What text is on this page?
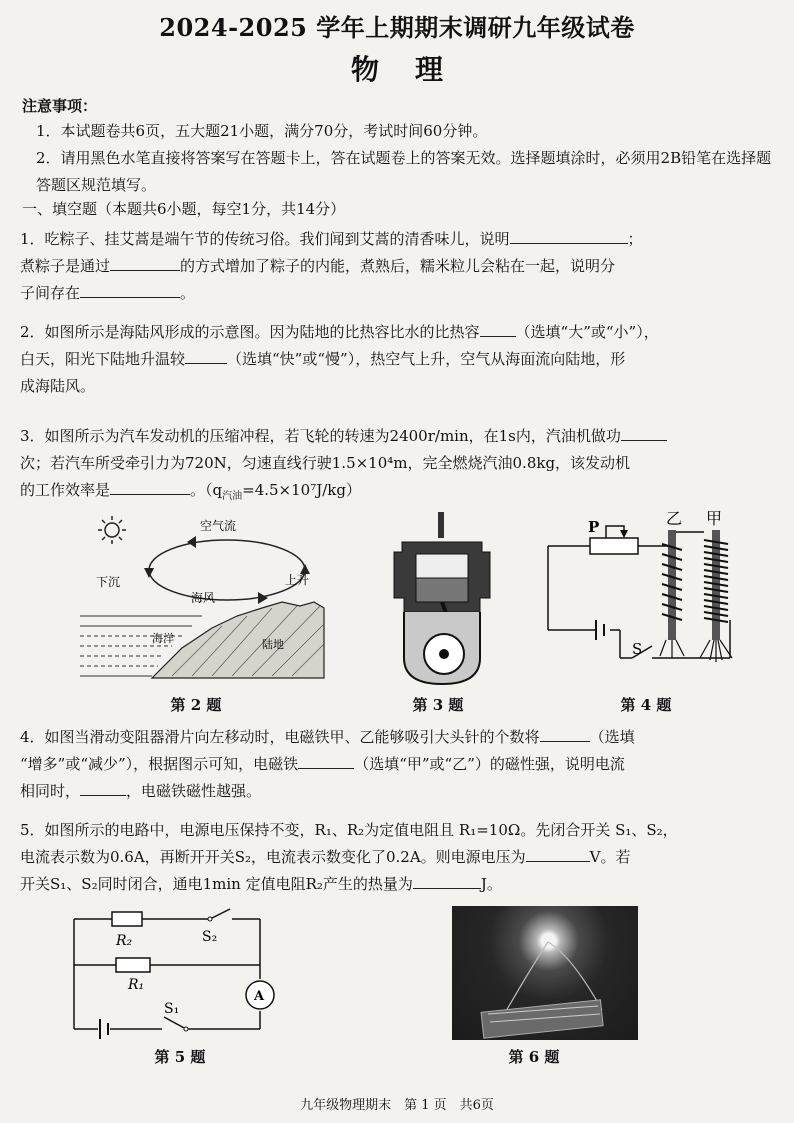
2024-2025 学年上期期末调研九年级试卷
物理
注意事项：
1．本试题卷共6页，五大题21小题，满分70分，考试时间60分钟。
2．请用黑色水笔直接将答案写在答题卡上，答在试题卷上的答案无效。选择题填涂时，必须用2B铅笔在选择题答题区规范填写。
一、填空题（本题共6小题，每空1分，共14分）
1．吃粽子、挂艾蒿是端午节的传统习俗。我们闻到艾蒿的清香味儿，说明	；
煮粽子是通过	的方式增加了粽子的内能，煮熟后，糯米粒儿会粘在一起，说明分
子间存在	。
2．如图所示是海陆风形成的示意图。因为陆地的比热容比水的比热容 （选填“大”或“小”），
白天，阳光下陆地升温较	（选填“快”或“慢”），热空气上升，空气从海面流向陆地，形
成海陆风。
3．如图所示为汽车发动机的压缩冲程，若飞轮的转速为2400r/min，在1s内，汽油机做功
次；若汽车所受牵引力为720N，匀速直线行驶1.5×10⁴m，完全燃烧汽油0.8kg，该发动机
的工作效率是	。$(q_{汽油}=4.5\times 10^7J/kg)$
空气流
下沉	上升
海风
海洋	陆地
第 2 题	第 3 题
P
S
乙 甲
第 4 题
4．如图当滑动变阻器滑片向左移动时，电磁铁甲、乙能够吸引大头针的个数将	（选填
“增多”或“减少”），根据图示可知，电磁铁	（选填“甲”或“乙”）的磁性强，说明电流
相同时，	，电磁铁磁性越强。
5．如图所示的电路中，电源电压保持不变，R₁、R₂为定值电阻且 R₁=10Ω。先闭合开关 S₁、S₂，
电流表示数为0.6A，再断开开关S₂，电流表示数变化了0.2A。则电源电压为	V。若
开关S₁、S₂同时闭合，通电1min 定值电阻R₂产生的热量为	J。
R₂
R₁
S₂
S₁
A
第 5 题	第 6 题
九年级物理期末　第 1 页　共6页
